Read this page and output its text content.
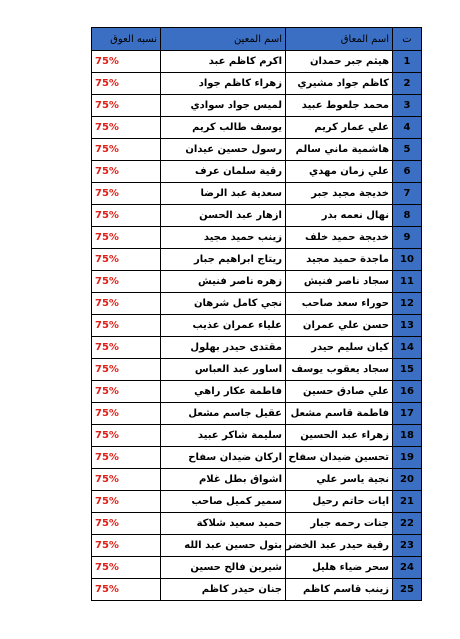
ت	اسم المعاق	اسم المعين	نسبه العوق
1	هيثم جبر حمدان	اكرم كاظم عبد	75%
2	كاظم جواد مشيري	زهراء كاظم جواد	75%
3	محمد جلعوط عبيد	لميس جواد سوادي	75%
4	علي عمار كريم	يوسف طالب كريم	75%
5	هاشمية ماني سالم	رسول حسين عيدان	75%
6	علي زمان مهدي	رقية سلمان عرف	75%
7	خديجة مجيد جبر	سعدية عبد الرضا	75%
8	نهال نعمه بدر	ازهار عبد الحسن	75%
9	خديجة حميد خلف	زينب حميد مجيد	75%
10	ماجدة حميد مجيد	ريتاج ابراهيم جبار	75%
11	سجاد ناصر فنيش	زهره ناصر فنيش	75%
12	حوراء سعد صاحب	نجي كامل شرهان	75%
13	حسن علي عمران	علياء عمران عذيب	75%
14	كيان سليم حيدر	مقتدى حيدر بهلول	75%
15	سجاد يعقوب يوسف	اساور عبد العباس	75%
16	علي صادق حسين	فاطمة عكار راهي	75%
17	فاطمة قاسم مشعل	عقيل جاسم مشعل	75%
18	زهراء عبد الحسين	سليمة شاكر عبيد	75%
19	تحسين ضيدان سفاح	اركان ضيدان سفاح	75%
20	نجية ياسر علي	اشواق بطل غلام	75%
21	ايات حاتم رحيل	سمير كميل صاحب	75%
22	جنات رحمه جبار	حميد سعيد شلاكة	75%
23	رقية حيدر عبد الخضر	بتول حسين عبد الله	75%
24	سحر ضياء هليل	شيرين فالح حسين	75%
25	زينب قاسم كاظم	جنان حيدر كاظم	75%
